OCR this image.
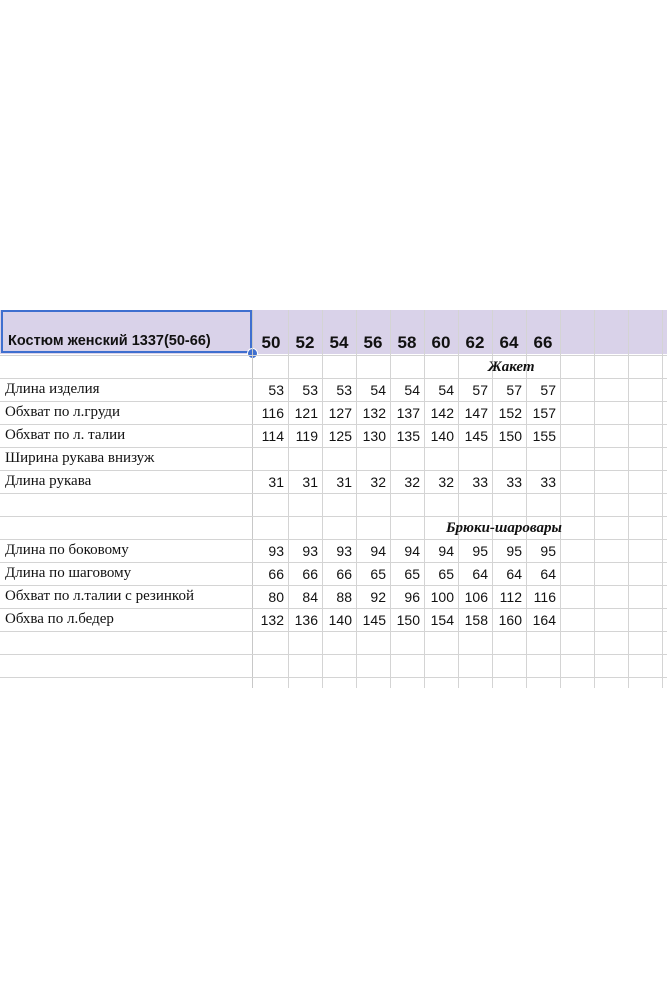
Костюм женский 1337(50-66)	50 52 54 56 58 60 62 64 66
Жакет
Длина изделия	53	53	53	54	54	54	57	57	57
Обхват по л.груди	116 121 127 132 137 142 147 152 157
Обхват по л. талии	114 119 125 130 135 140 145 150 155
Ширина рукава внизуж
Длина рукава	31	31	31	32	32	32	33	33	33
Брюки-шаровары
Длина по боковому	93	93	93	94	94	94	95	95	95
Длина по шаговому	66	66	66	65	65	65	64	64	64
Обхват по л.талии с резинкой	80	84	88	92	96 100 106 112 116
Обхва по л.бедер	132 136 140 145 150 154 158 160 164
